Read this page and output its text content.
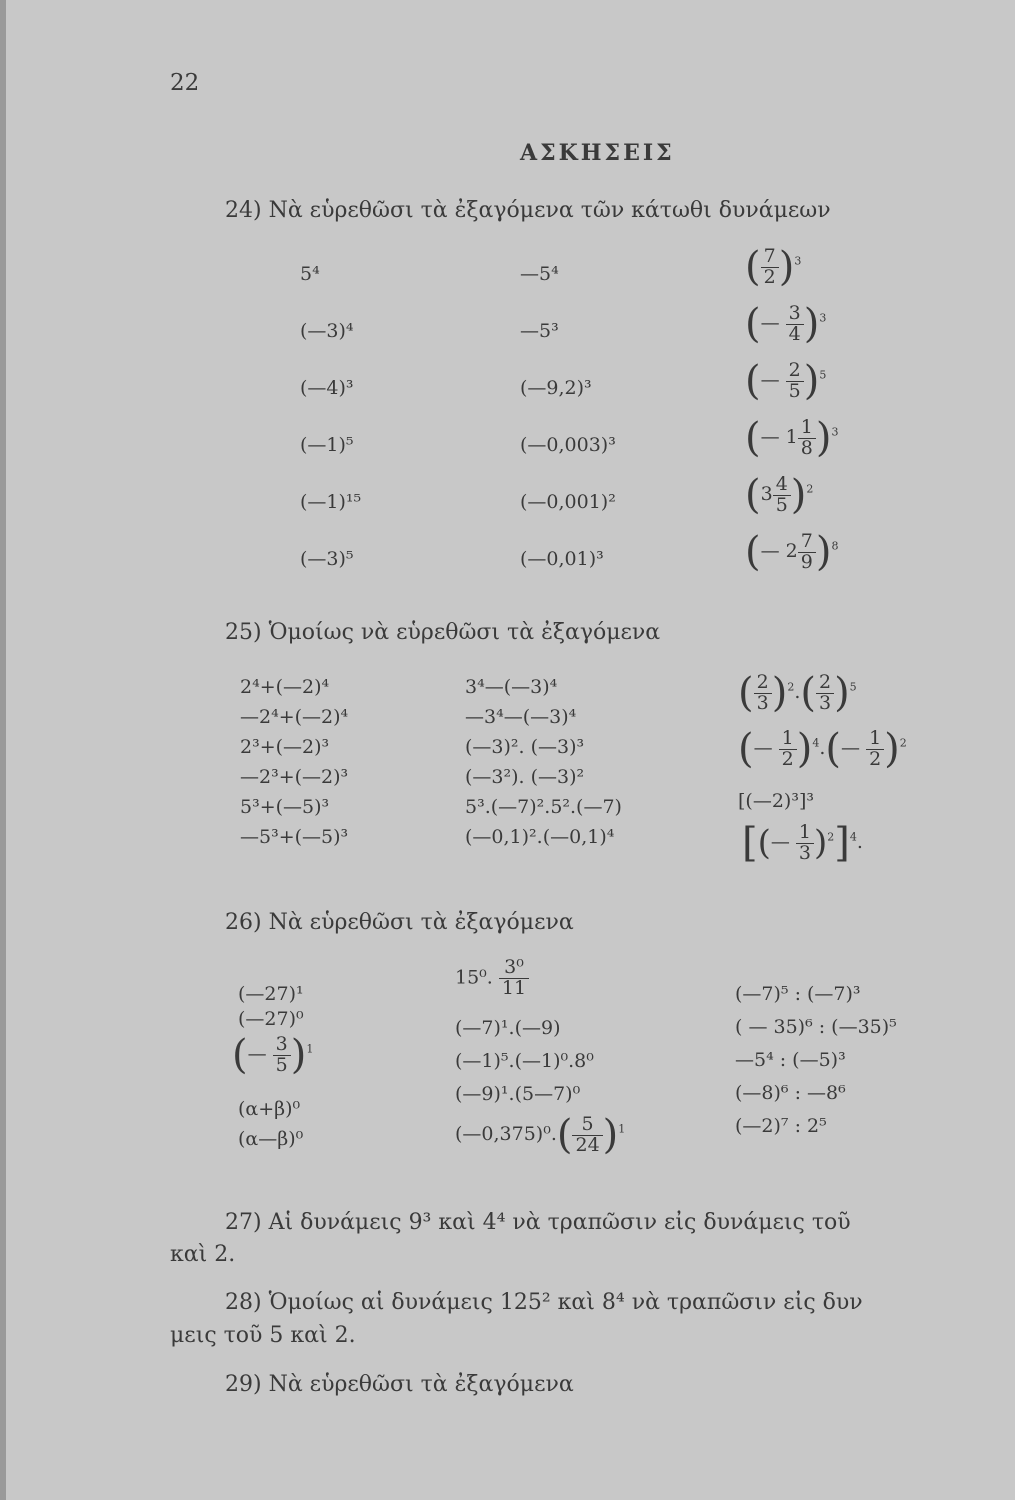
22
ΑΣΚΗΣΕΙΣ
24) Νὰ εὑρεθῶσι τὰ ἐξαγόμενα τῶν κάτωθι δυνάμεων
5⁴
(—3)⁴
(—4)³
(—1)⁵
(—1)¹⁵
(—3)⁵
—5⁴
—5³
(—9,2)³
(—0,003)³
(—0,001)²
(—0,01)³
( $\frac{7}{2} )^3$
(— $\frac{3}{4} )^3$
(— $\frac{2}{5} )^5$
(— $1 \frac{1}{8} )^3$
$(3 \frac{4}{5} )^2$
(— $2 \frac{7}{9} )^8$
25) Ὁμοίως νὰ εὑρεθῶσι τὰ ἐξαγόμενα
2⁴+(—2)⁴
—2⁴+(—2)⁴
2³+(—2)³
—2³+(—2)³
5³+(—5)³
—5³+(—5)³
3⁴—(—3)⁴
—3⁴—(—3)⁴
(—3)². (—3)³
(—3²). (—3)²
5³.(—7)².5².(—7)
(—0,1)².(—0,1)⁴
( $\frac{2}{3} )^2.( \frac{2}{3} )^5$
(— $\frac{1}{2}$ )$^4$.(— $\frac{1}{2} )^2$
[(—2)³]³
[(— $\frac{1}{3} )^2]^4$.
26) Νὰ εὑρεθῶσι τὰ ἐξαγόμενα
(—27)¹
(—27)⁰
(— $\frac{3}{5} )^1$
(α+β)⁰
(α—β)⁰
15⁰. $\frac{\text{3⁰}}{11}$
(—7)¹.(—9)
(—1)⁵.(—1)⁰.8⁰
(—9)¹.(5—7)⁰
(—0,375)⁰.( $\frac{5}{24} )^1$
(—7)⁵ : (—7)³
( — 35)⁶ : (—35)⁵
—5⁴ : (—5)³
(—8)⁶ : —8⁶
(—2)⁷ : 2⁵
27) Αἱ δυνάμεις 9³ καὶ 4⁴ νὰ τραπῶσιν εἰς δυνάμεις τοῦ
καὶ 2.
28) Ὁμοίως αἱ δυνάμεις 125² καὶ 8⁴ νὰ τραπῶσιν εἰς δυν
μεις τοῦ 5 καὶ 2.
29) Νὰ εὑρεθῶσι τὰ ἐξαγόμενα
